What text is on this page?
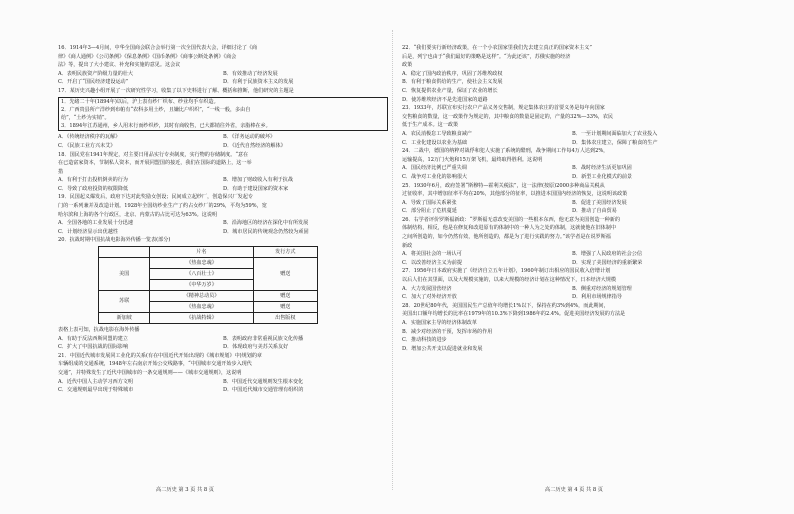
16．1914年3—4月间，中华全国商会联合会举行第一次全国代表大会，详细讨论了《商
律》《商人通例》《公司条例》《保息条例》《国币条例》《商事公断处条例》《商会
法》等，提出了大小建议、补充和实施的意见。这会议
A．表明民族资产阶级力量的壮大	B．有效推动了经济发展
C．开启了“国民经济建设运动”	D．有利于民族资本主义的发展
17．某历史兴趣小组开展了一次研究性学习，收集了以下史料进行了解、概括和推断，他们研究的主题是
1．先绪二十年(1894年)以后，沪上表有纱厂织布、纱业均手车织造。
2．广西贵县所产洋纱到布帕有“农科多用土纱，且嫌比户织织”，“一线一般，多由自
给”，“土纱为实销”。
3．1894年江苏通州，乡人用末行而纱织纱，其时有商收售，已大都销往外省，亲脂棒在乡。
A．《传统经济秩序的瓦解》	B．《洋务运动的破坏》
C．《民族工业方兴未艾》	D．《近代自然经济的解体》
18．国民党在1941年规定，对主要日用品实行专卖制度，实行物的存储制度。“意在
在已造富家资本，节制私人资本，而开展同盟国的接近，我们在国际的道路上，这一举
措
A．有利于打击投机倒卖的行为	B．增加了财政收入有利于抗战
C．导致了政府投资的权限降低	D．有助于建设国家的资本家
19．民国起义爆发后，政府下达对此奖励女创设；民间成立起纱厂，创造保兴厂发起专
门的一系列兼并及改造计划。1928年全国纺纱业生产了约占女纱厂的29%，平均为59%，宽
哈尔滨和上海的各个行政区，北京、内蒙古的占比可达为63%。这说明
A．全国各地的工业发展十分迅速	B．沿海地区的经济在深化中有所发展
C．计划经济显示出优越性	D．城市居民的传统观念仍然较为顽固
20．抗战时期中国抗战电影海外传播一览表(部分)
	片名	发行方式
美国	《热血忠魂》	赠送
	《八百壮士》	
	《中华万岁》	
苏联	《精神总动员》	赠送
	《热血忠魂》	赠送
新加坡	《抗战特辑》	出售版权
表格上表可知，抗战电影在海外传播
A．有助于反法西斯同盟的建立	B．表明政府非常重视民族文化传播
C．扩大了中国抗战的国际影响	D．体现政府与美苏关系友好
21．中国近代城市发展同工业化的关系(有在中国近代开始出现的《城市规划》中)规划的章
车辆组成的交通系统，1948年左右南京开始公交线路事，“中国城市交通开始步入现代
交通”，并特殊发生了近代中国城市的一条交通规则——《城市交通规则》，这说明
A．近代中国人主动学习西方文明	B．中国近代交通规则发生根本变化
C．交通规则最早出现于特殊城市	D．中国近代城市交通管理有组织的
22．“我们要实行新经济政策，在一个小农国家里我们先去建立真正的国家资本主义”
后是，列宁也由于“我们最好的策略是这样”。“为此还该”，苏俄实施的经济
政策
A．稳定了国内政治秩序，巩固了苏维埃政权
B．有利于粮食供给的生产，使社会主义发展
C．恢复提供农业产量，保证了农业的增长
D．使苏维埃经济不是先进国家的道路
23．1933年，苏联宣布实行农户产品义务交售制，规定集体农庄的首要义务是每年向国家
交售粮食的数量，这一政策作为规定的，其中粮食的数量是固定的，产量的32%—33%，农民
低于生产成本。这一政策
A．农民消极怠工导致粮食减产	B．一至计划期间面临加大了农业投入
C．工业化建设以农业为基础	D．集体农庄建立，保障了粮食的生产
24．二战中，德国的纳粹对战俘和犯人实施了系统的酷刑，战争期间工作每4万人达到2%，
运输提高，12万门火炮和15万架飞机，最终取得胜利。这说明
A．国民经济比例已严重失调	B．战时经济生活更加巩固
C．战争对工业化的影响很大	D．新型工业化模式的前景
25．1930年6月，政府签署“斯穆特—霍利关税法”，这一法律(按原)2000多种商品关税从
过征收率，其中增加征率平均在20%，其他部分的征率，以推进本国国内经济的恢复，这说明该政策
A．导致了国际关系紧张	B．促进了美国经济发展
C．部分阻止了危机蔓延	D．推动了自由贸易
26．右学者评价罗斯福新政：“罗斯福无意改变美国的一些根本东西，他无意为美国创造一种新的
体制结构，相反，他是在修复和改进原有的体制中的一种人为之处的体制，这就使他在旧体制中
之间所创造的，如今仍然有效，他所创造的，都是为了进行实践的努力。”该学者是在说罗斯福
新政
A．将美国社会的一场认可	B．增强了人民政府的社会公信
C．以改善经济主义为前提	D．实现了美国经济的重新繁荣
27．1956年日本政府实施了《经济自立五年计划》，1960年制订出相应的国民收入倍增计划
以后人们在其里面，以及大规模实施的，以来大规模的经济计划在这种情况下，日本经济大规模
A．大力发展国营经济	B．侧重对经济的规划管理
C．加大了对外经济开放	D．利用市场规律指导
28．20世纪80年代，美国国民生产总值年均增长1%以下，保持在约3%到4%，而此期间，
美国出口额年均增长的比率在1979年的10.3%下降到1986年的2.4%。促进美国经济发展的方法是
A．实施国家主导的经济体制改革
B．减少对经济的干预，发挥市场的作用
C．推动科技的进步
D．增加公共开支以促进就业和发展
高二历史 第 3 页 共 8 页	高二历史 第 4 页 共 8 页
